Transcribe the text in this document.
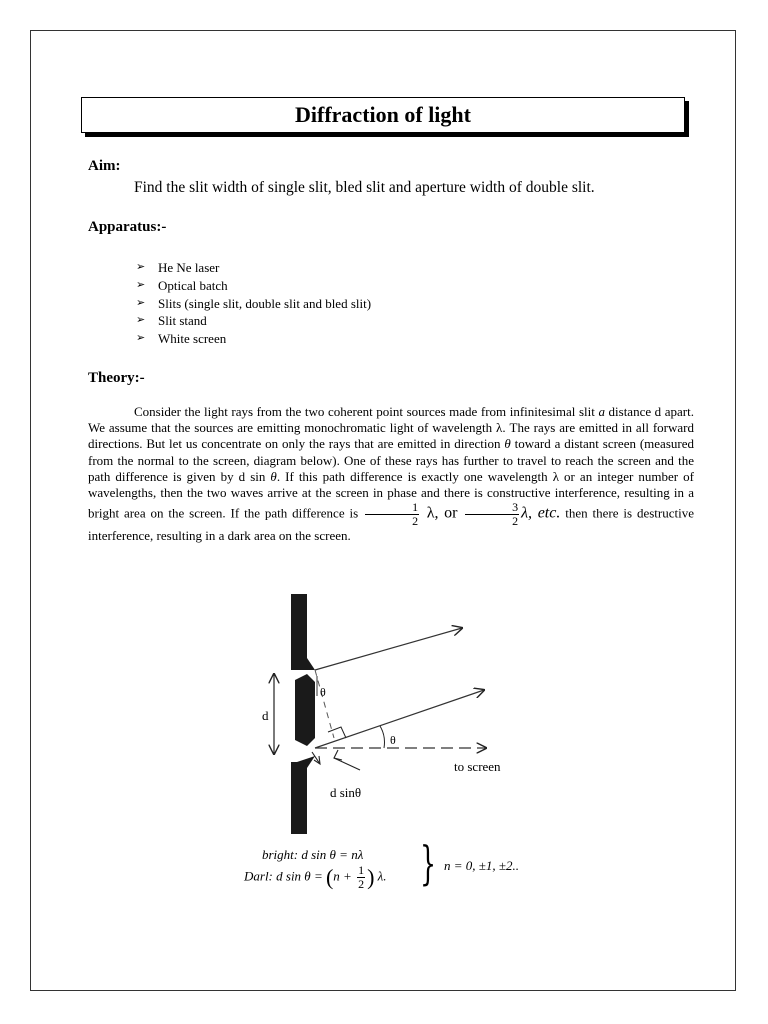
Diffraction of light
Aim:
Find the slit width of single slit, bled slit and aperture width of double slit.
Apparatus:-
➢ He Ne laser
➢ Optical batch
➢ Slits (single slit, double slit and bled slit)
➢ Slit stand
➢ White screen
Theory:-

Consider the light rays from the two coherent point sources made from infinitesimal slit a distance d apart. We assume that the sources are emitting monochromatic light of wavelength λ. The rays are emitted in all forward directions. But let us concentrate on only the rays that are emitted in direction θ toward a distant screen (measured from the normal to the screen, diagram below). One of these rays has further to travel to reach the screen and the path difference is given by d sin θ. If this path difference is exactly one wavelength λ or an integer number of wavelengths, then the two waves arrive at the screen in phase and there is constructive interference, resulting in a bright area on the screen. If the path difference is $\frac{1}{2} \lambda$, or $\frac{3}{2} \lambda$, etc. then there is destructive interference, resulting in a dark area on the screen.

d
θ
θ
to screen
d sinθ
bright: d sin θ = nλ
Darl: d $\sin \theta = (n + \frac{1}{2}$ ) λ. } n = 0, ±1, ±2..
